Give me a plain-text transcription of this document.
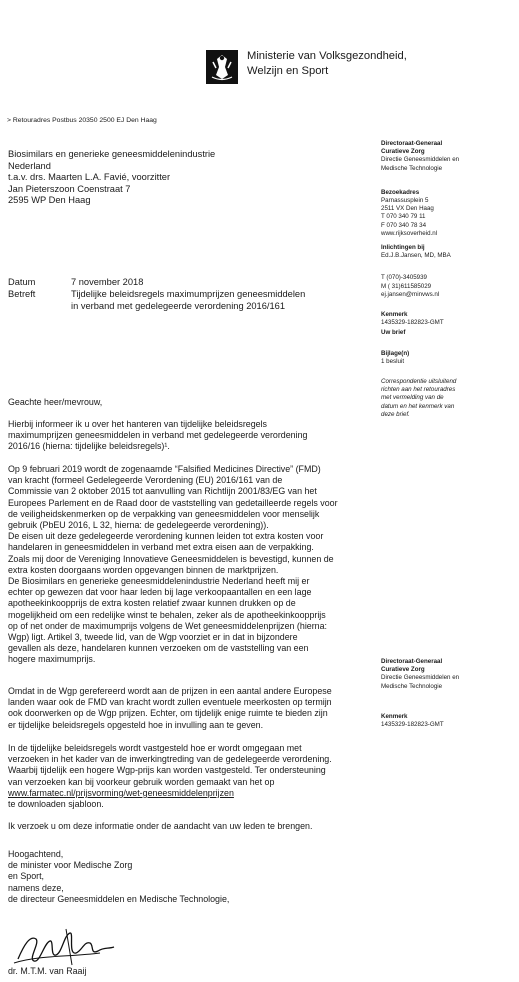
Ministerie van Volksgezondheid,
Welzijn en Sport
> Retouradres Postbus 20350 2500 EJ Den Haag
Biosimilars en generieke geneesmiddelenindustrie
Nederland
t.a.v. drs. Maarten L.A. Favié, voorzitter
Jan Pieterszoon Coenstraat 7
2595 WP Den Haag
Datum	7 november 2018
Betreft	Tijdelijke beleidsregels maximumprijzen geneesmiddelen
in verband met gedelegeerde verordening 2016/161
Directoraat-Generaal
Curatieve Zorg
Directie Geneesmiddelen en
Medische Technologie
Bezoekadres
Parnassusplein 5
2511 VX Den Haag
T 070 340 79 11
F 070 340 78 34
www.rijksoverheid.nl
Inlichtingen bij
Ed.J.B.Jansen, MD, MBA
T (070)-3405939
M ( 31)611585029
ej.jansen@minvws.nl
Kenmerk
1435329-182823-GMT
Uw brief
Bijlage(n)
1 besluit
Correspondentie uitsluitend
richten aan het retouradres
met vermelding van de
datum en het kenmerk van
deze brief.
Directoraat-Generaal
Curatieve Zorg
Directie Geneesmiddelen en
Medische Technologie
Kenmerk
1435329-182823-GMT
Geachte heer/mevrouw,
Hierbij informeer ik u over het hanteren van tijdelijke beleidsregels
maximumprijzen geneesmiddelen in verband met gedelegeerde verordening
2016/16 (hierna: tijdelijke beleidsregels)¹.
Op 9 februari 2019 wordt de zogenaamde “Falsified Medicines Directive” (FMD)
van kracht (formeel Gedelegeerde Verordening (EU) 2016/161 van de
Commissie van 2 oktober 2015 tot aanvulling van Richtlijn 2001/83/EG van het
Europees Parlement en de Raad door de vaststelling van gedetailleerde regels voor
de veiligheidskenmerken op de verpakking van geneesmiddelen voor menselijk
gebruik (PbEU 2016, L 32, hierna: de gedelegeerde verordening)).
De eisen uit deze gedelegeerde verordening kunnen leiden tot extra kosten voor
handelaren in geneesmiddelen in verband met extra eisen aan de verpakking.
Zoals mij door de Vereniging Innovatieve Geneesmiddelen is bevestigd, kunnen de
extra kosten doorgaans worden opgevangen binnen de marktprijzen.
De Biosimilars en generieke geneesmiddelenindustrie Nederland heeft mij er
echter op gewezen dat voor haar leden bij lage verkoopaantallen en een lage
apotheekinkoopprijs de extra kosten relatief zwaar kunnen drukken op de
mogelijkheid om een redelijke winst te behalen, zeker als de apotheekinkoopprijs
op of net onder de maximumprijs volgens de Wet geneesmiddelenprijzen (hierna:
Wgp) ligt. Artikel 3, tweede lid, van de Wgp voorziet er in dat in bijzondere
gevallen als deze, handelaren kunnen verzoeken om de vaststelling van een
hogere maximumprijs.
Omdat in de Wgp gerefereerd wordt aan de prijzen in een aantal andere Europese
landen waar ook de FMD van kracht wordt zullen eventuele meerkosten op termijn
ook doorwerken op de Wgp prijzen. Echter, om tijdelijk enige ruimte te bieden zijn
er tijdelijke beleidsregels opgesteld hoe in invulling aan te geven.
In de tijdelijke beleidsregels wordt vastgesteld hoe er wordt omgegaan met
verzoeken in het kader van de inwerkingtreding van de gedelegeerde verordening.
Waarbij tijdelijk een hogere Wgp-prijs kan worden vastgesteld. Ter ondersteuning
van verzoeken kan bij voorkeur gebruik worden gemaakt van het op
www.farmatec.nl/prijsvorming/wet-geneesmiddelenprijzen
te downloaden sjabloon.
Ik verzoek u om deze informatie onder de aandacht van uw leden te brengen.
Hoogachtend,
de minister voor Medische Zorg
en Sport,
namens deze,
de directeur Geneesmiddelen en Medische Technologie,
dr. M.T.M. van Raaij
